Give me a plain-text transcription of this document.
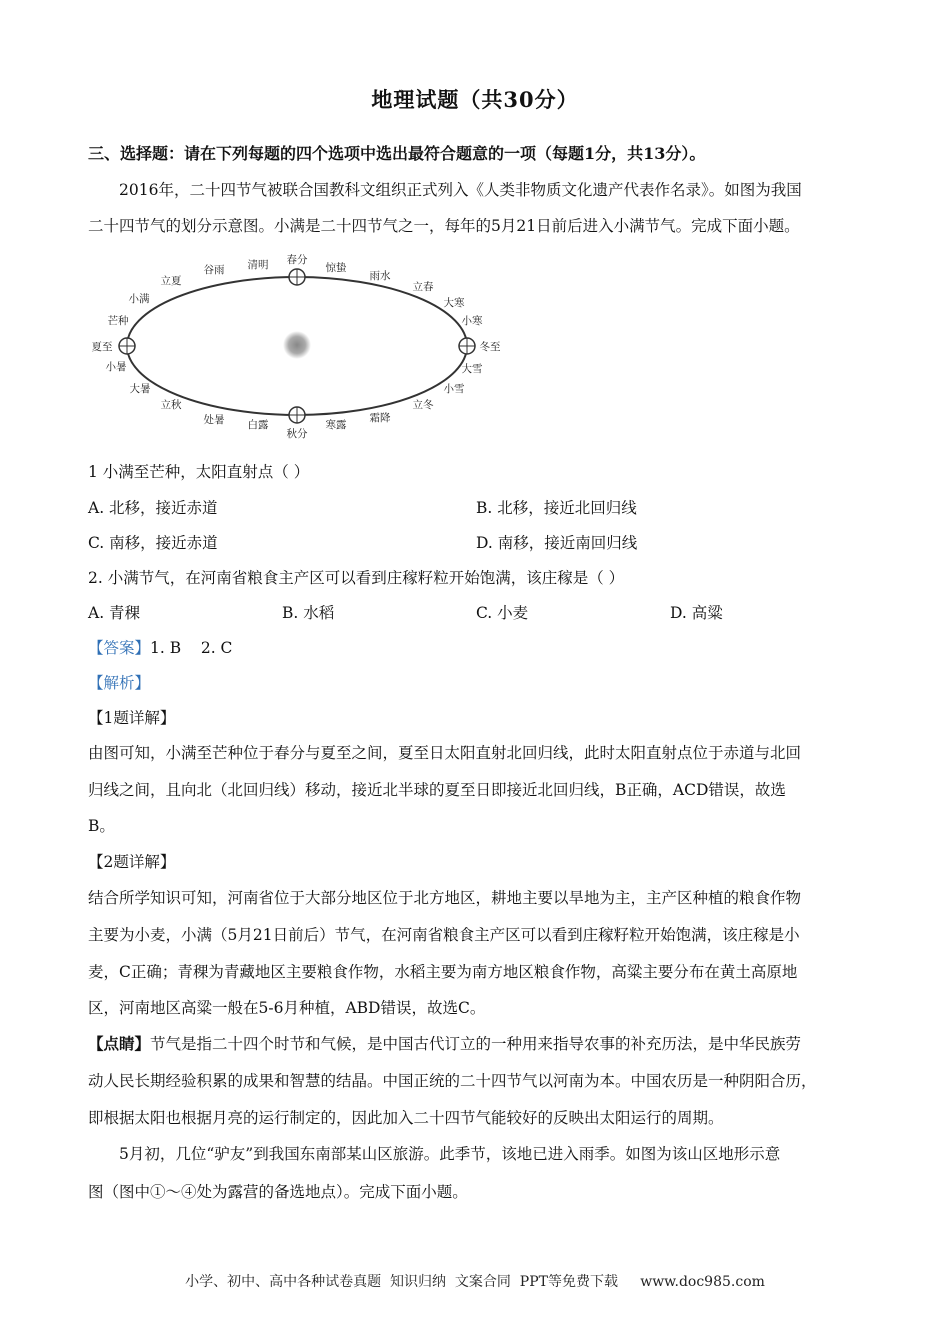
地理试题（共30分）
三、选择题：请在下列每题的四个选项中选出最符合题意的一项（每题1分，共13分）。
2016年，二十四节气被联合国教科文组织正式列入《人类非物质文化遗产代表作名录》。如图为我国
二十四节气的划分示意图。小满是二十四节气之一，每年的5月21日前后进入小满节气。完成下面小题。
春分
惊蛰
雨水
立春
大寒
小寒
冬至
大雪
小雪
立冬
霜降
寒露
秋分
白露
处暑
立秋
大暑
小暑
夏至
芒种
小满
立夏
谷雨 清明
1 小满至芒种，太阳直射点（ ）
A. 北移，接近赤道	B. 北移，接近北回归线
C. 南移，接近赤道	D. 南移，接近南回归线
2. 小满节气，在河南省粮食主产区可以看到庄稼籽粒开始饱满，该庄稼是（ ）
A. 青稞	B. 水稻	C. 小麦	D. 高粱
【答案】1. B    2. C
【解析】
【1题详解】
由图可知，小满至芒种位于春分与夏至之间，夏至日太阳直射北回归线，此时太阳直射点位于赤道与北回
归线之间，且向北（北回归线）移动，接近北半球的夏至日即接近北回归线，B正确，ACD错误，故选
B。
【2题详解】
结合所学知识可知，河南省位于大部分地区位于北方地区，耕地主要以旱地为主，主产区种植的粮食作物
主要为小麦，小满（5月21日前后）节气，在河南省粮食主产区可以看到庄稼籽粒开始饱满，该庄稼是小
麦，C正确；青稞为青藏地区主要粮食作物，水稻主要为南方地区粮食作物，高粱主要分布在黄土高原地
区，河南地区高粱一般在5-6月种植，ABD错误，故选C。
【点睛】节气是指二十四个时节和气候，是中国古代订立的一种用来指导农事的补充历法，是中华民族劳
动人民长期经验积累的成果和智慧的结晶。中国正统的二十四节气以河南为本。中国农历是一种阴阳合历，
即根据太阳也根据月亮的运行制定的，因此加入二十四节气能较好的反映出太阳运行的周期。
5月初，几位“驴友”到我国东南部某山区旅游。此季节，该地已进入雨季。如图为该山区地形示意
图（图中①～④处为露营的备选地点）。完成下面小题。
小学、初中、高中各种试卷真题  知识归纳  文案合同  PPT等免费下载     www.doc985.com
